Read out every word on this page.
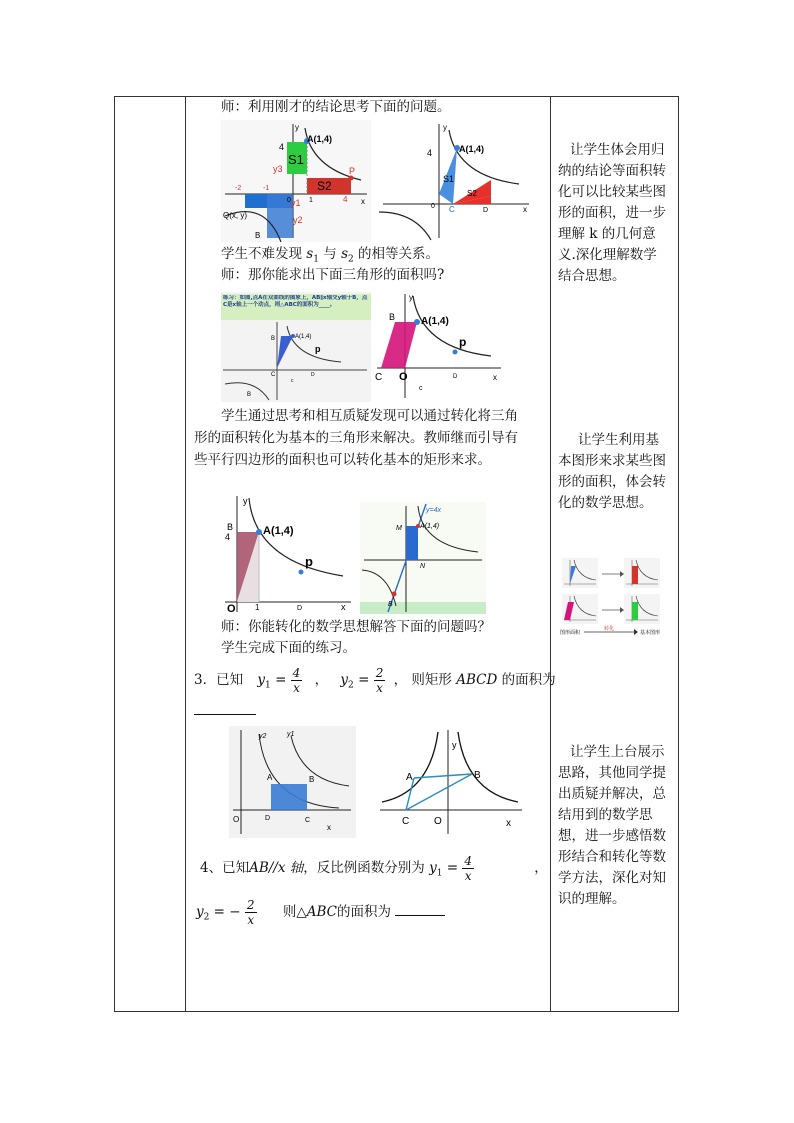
师：利用刚才的结论思考下面的问题。
y
x
A(1,4)
4
S1
S2
y3
y1
y2
P
4
-2	-1
B
Q(x, y)
1
0
y
x
A(1,4)
4
S1
S2
0 C	D
学生不难发现 $s_1$ 与 $s_2$ 的相等关系。
师：那你能求出下面三角形的面积吗?
练习：如图,点A在双曲线的图象上，AB∥x轴交y轴于B，点C是x轴上一个动点，则△ABC的面积为____。
A(1,4)
p
B
C
c
D
B
y
x
A(1,4)
p
B
C O
c
D
学生通过思考和相互质疑发现可以通过转化将三角
形的面积转化为基本的三角形来解决。教师继而引导有
些平行四边形的面积也可以转化基本的矩形来求。
y
x
A(1,4)
p
B
4
O 1	D
y=4x
M	A(1,4)
N
B
师：你能转化的数学思想解答下面的问题吗？
学生完成下面的练习。
3．已知 $y_1 = \frac{4}{x}$ ， $y_2 = \frac{2}{x}$ ， 则矩形 ABCD 的面积为
y2	y1
A	B
O	D	C
x
y
A	B
C O	x
4、已知AB//x 轴，反比例函数分别为 $y_1 = \frac{4}{x}$	，
$y_2$ = − $\frac{2}{x}$ 则△ABC的面积为
让学生体会用归
纳的结论等面积转
化可以比较某些图
形的面积，进一步
理解 k 的几何意
义.深化理解数学
结合思想。
让学生利用基
本图形来求某些图
形的面积，体会转
化的数学思想。
图形面积
转化
基本图形
让学生上台展示
思路，其他同学提
出质疑并解决，总
结用到的数学思
想，进一步感悟数
形结合和转化等数
学方法，深化对知
识的理解。
